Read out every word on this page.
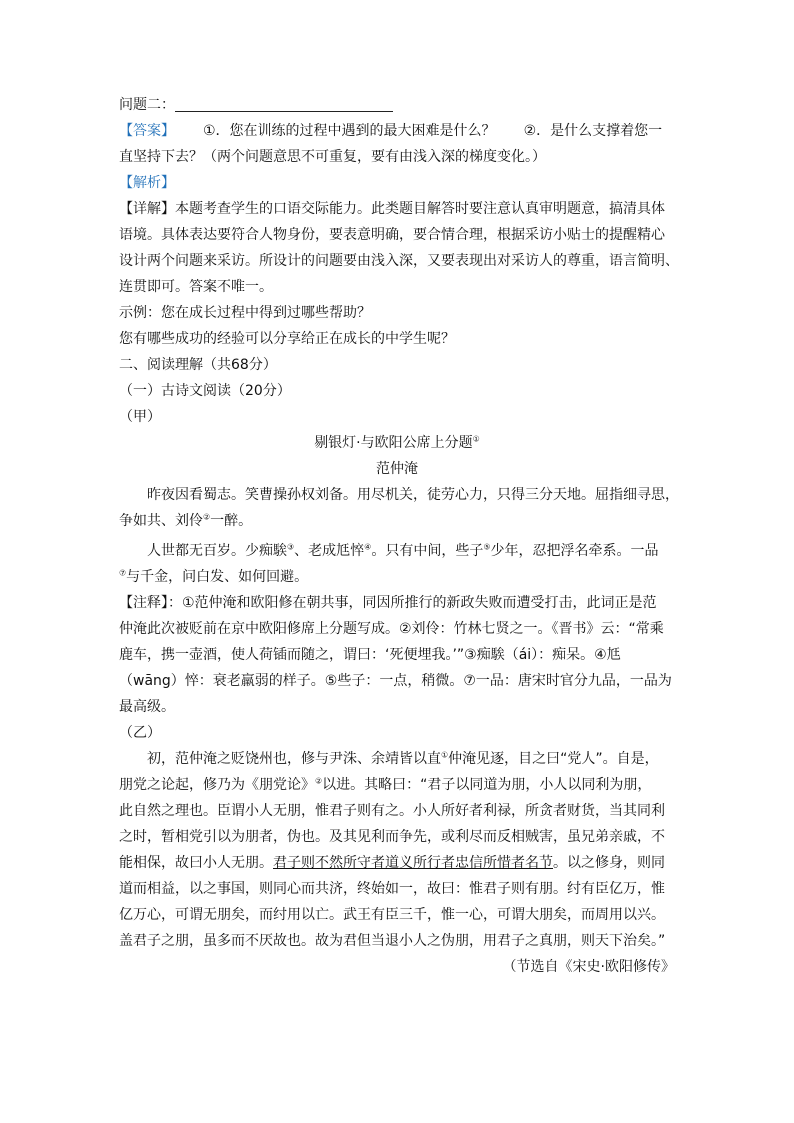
问题二：
【答案】 ①．您在训练的过程中遇到的最大困难是什么？ ②．是什么支撑着您一
直坚持下去？（两个问题意思不可重复，要有由浅入深的梯度变化。）
【解析】
【详解】本题考查学生的口语交际能力。此类题目解答时要注意认真审明题意，搞清具体
语境。具体表达要符合人物身份，要表意明确，要合情合理，根据采访小贴士的提醒精心
设计两个问题来采访。所设计的问题要由浅入深，又要表现出对采访人的尊重，语言简明、
连贯即可。答案不唯一。
示例：您在成长过程中得到过哪些帮助？
您有哪些成功的经验可以分享给正在成长的中学生呢？
二、阅读理解（共68分）
（一）古诗文阅读（20分）
（甲）
剔银灯·与欧阳公席上分题①
范仲淹
昨夜因看蜀志。笑曹操孙权刘备。用尽机关，徒劳心力，只得三分天地。屈指细寻思，
争如共、刘伶②一醉。
人世都无百岁。少痴騃③、老成尪悴④。只有中间，些子⑤少年，忍把浮名牵系。一品
⑦与千金，问白发、如何回避。
【注释】：①范仲淹和欧阳修在朝共事，同因所推行的新政失败而遭受打击，此词正是范
仲淹此次被贬前在京中欧阳修席上分题写成。②刘伶：竹林七贤之一。《晋书》云：“常乘
鹿车，携一壶酒，使人荷锸而随之，谓曰：‘死便埋我。’”③痴騃（ái）：痴呆。④尪
（wāng）悴：衰老羸弱的样子。⑤些子：一点，稍微。⑦一品：唐宋时官分九品，一品为
最高级。
（乙）
初，范仲淹之贬饶州也，修与尹洙、余靖皆以直①仲淹见逐，目之曰“党人”。自是，
朋党之论起，修乃为《朋党论》②以进。其略曰：“君子以同道为朋，小人以同利为朋，
此自然之理也。臣谓小人无朋，惟君子则有之。小人所好者利禄，所贪者财货，当其同利
之时，暂相党引以为朋者，伪也。及其见利而争先，或利尽而反相贼害，虽兄弟亲戚，不
能相保，故曰小人无朋。君子则不然所守者道义所行者忠信所惜者名节。以之修身，则同
道而相益，以之事国，则同心而共济，终始如一，故曰：惟君子则有朋。纣有臣亿万，惟
亿万心，可谓无朋矣，而纣用以亡。武王有臣三千，惟一心，可谓大朋矣，而周用以兴。
盖君子之朋，虽多而不厌故也。故为君但当退小人之伪朋，用君子之真朋，则天下治矣。”
（节选自《宋史·欧阳修传》
